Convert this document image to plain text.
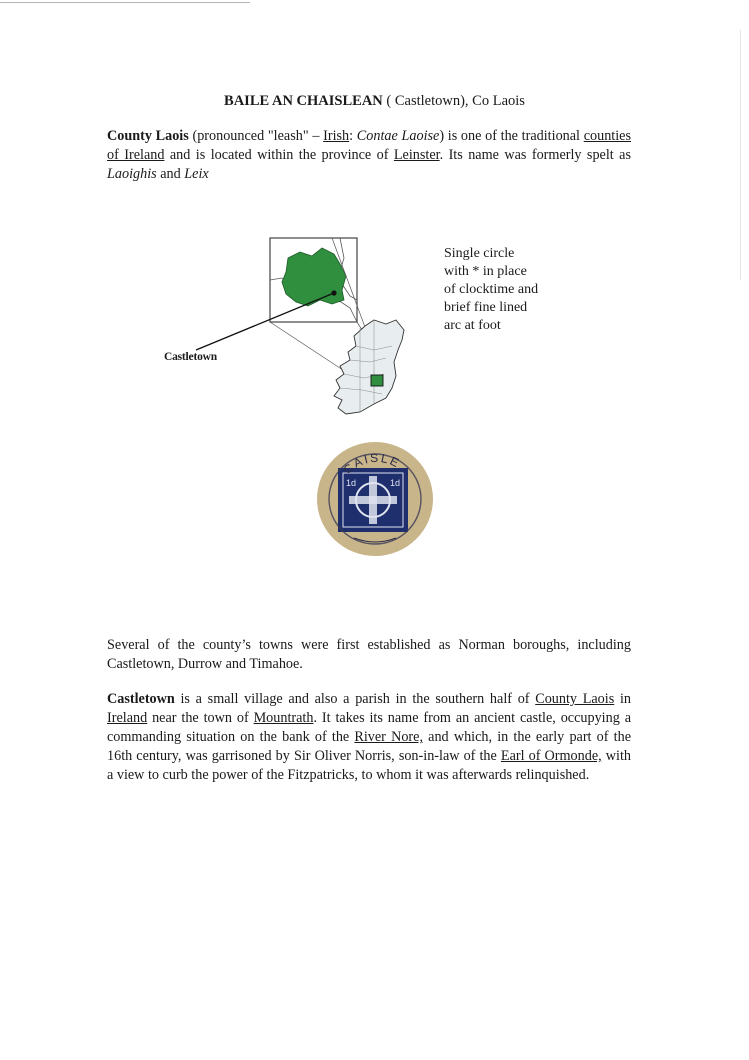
BAILE AN CHAISLEAN ( Castletown), Co Laois
County Laois (pronounced "leash" – Irish: Contae Laoise) is one of the traditional counties of Ireland and is located within the province of Leinster. Its name was formerly spelt as Laoighis and Leix
Castletown
Single circle
with * in place
of clocktime and
brief fine lined
arc at foot
1d	1d
CAISLE
Several of the county’s towns were first established as Norman boroughs, including Castletown, Durrow and Timahoe.
Castletown is a small village and also a parish in the southern half of County Laois in Ireland near the town of Mountrath. It takes its name from an ancient castle, occupying a commanding situation on the bank of the River Nore, and which, in the early part of the 16th century, was garrisoned by Sir Oliver Norris, son-in-law of the Earl of Ormonde, with a view to curb the power of the Fitzpatricks, to whom it was afterwards relinquished.
